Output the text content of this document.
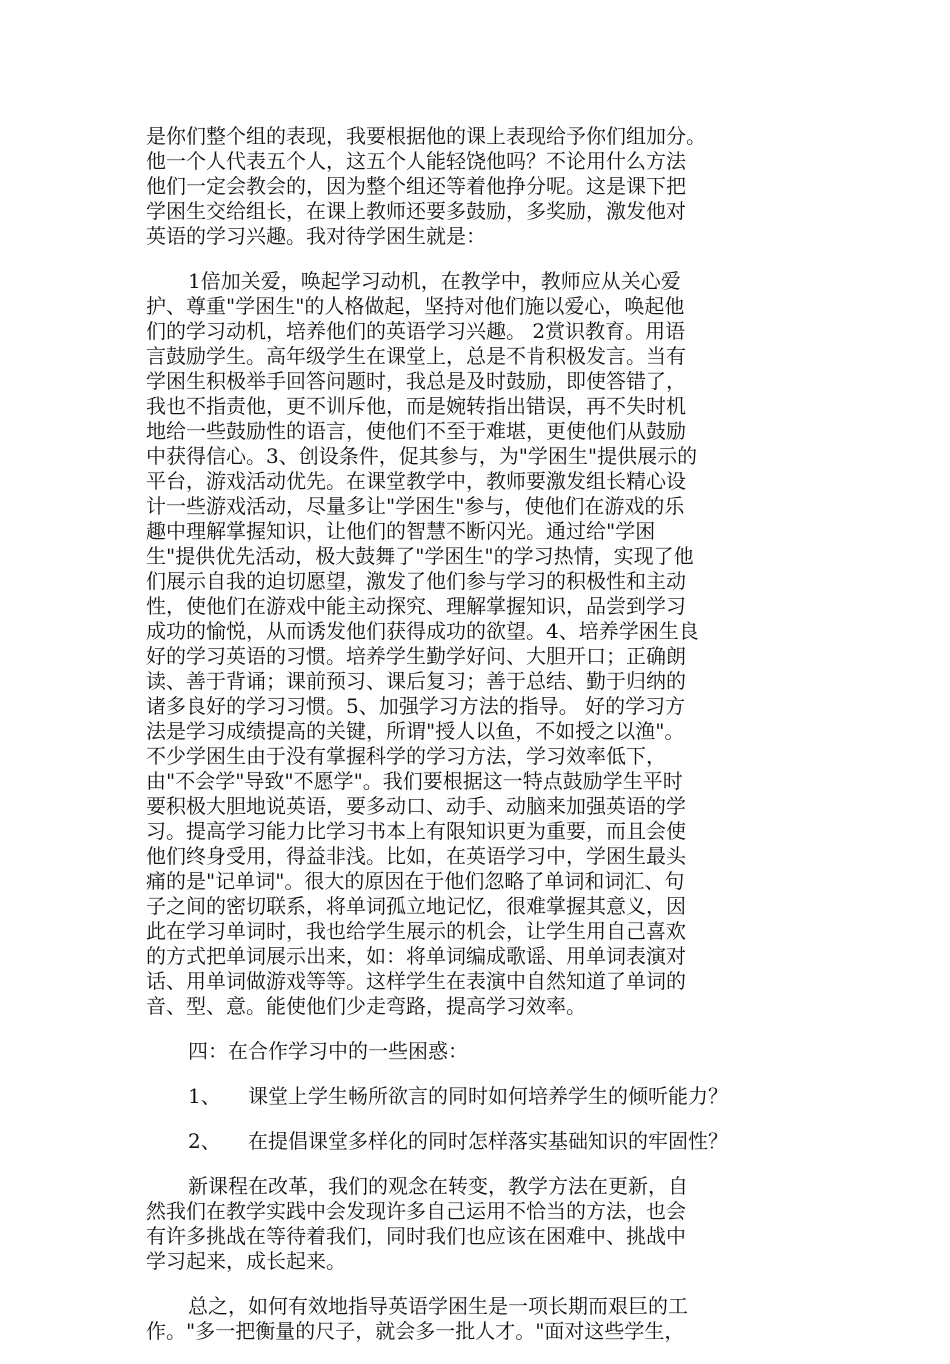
是你们整个组的表现，我要根据他的课上表现给予你们组加分。
他一个人代表五个人，这五个人能轻饶他吗？不论用什么方法
他们一定会教会的，因为整个组还等着他挣分呢。这是课下把
学困生交给组长，在课上教师还要多鼓励，多奖励，激发他对
英语的学习兴趣。我对待学困生就是：
1倍加关爱，唤起学习动机，在教学中，教师应从关心爱
护、尊重"学困生"的人格做起，坚持对他们施以爱心，唤起他
们的学习动机，培养他们的英语学习兴趣。 2赏识教育。用语
言鼓励学生。高年级学生在课堂上，总是不肯积极发言。当有
学困生积极举手回答问题时，我总是及时鼓励，即使答错了，
我也不指责他，更不训斥他，而是婉转指出错误，再不失时机
地给一些鼓励性的语言，使他们不至于难堪，更使他们从鼓励
中获得信心。3、创设条件，促其参与，为"学困生"提供展示的
平台，游戏活动优先。在课堂教学中，教师要激发组长精心设
计一些游戏活动，尽量多让"学困生"参与，使他们在游戏的乐
趣中理解掌握知识，让他们的智慧不断闪光。通过给"学困
生"提供优先活动，极大鼓舞了"学困生"的学习热情，实现了他
们展示自我的迫切愿望，激发了他们参与学习的积极性和主动
性，使他们在游戏中能主动探究、理解掌握知识，品尝到学习
成功的愉悦，从而诱发他们获得成功的欲望。4、培养学困生良
好的学习英语的习惯。培养学生勤学好问、大胆开口；正确朗
读、善于背诵；课前预习、课后复习；善于总结、勤于归纳的
诸多良好的学习习惯。5、加强学习方法的指导。 好的学习方
法是学习成绩提高的关键，所谓"授人以鱼，不如授之以渔"。
不少学困生由于没有掌握科学的学习方法，学习效率低下，
由"不会学"导致"不愿学"。我们要根据这一特点鼓励学生平时
要积极大胆地说英语，要多动口、动手、动脑来加强英语的学
习。提高学习能力比学习书本上有限知识更为重要，而且会使
他们终身受用，得益非浅。比如，在英语学习中，学困生最头
痛的是"记单词"。很大的原因在于他们忽略了单词和词汇、句
子之间的密切联系，将单词孤立地记忆，很难掌握其意义，因
此在学习单词时，我也给学生展示的机会，让学生用自己喜欢
的方式把单词展示出来，如：将单词编成歌谣、用单词表演对
话、用单词做游戏等等。这样学生在表演中自然知道了单词的
音、型、意。能使他们少走弯路，提高学习效率。
四：在合作学习中的一些困惑：
1、 课堂上学生畅所欲言的同时如何培养学生的倾听能力？
2、 在提倡课堂多样化的同时怎样落实基础知识的牢固性？
新课程在改革，我们的观念在转变，教学方法在更新，自
然我们在教学实践中会发现许多自己运用不恰当的方法，也会
有许多挑战在等待着我们，同时我们也应该在困难中、挑战中
学习起来，成长起来。
总之，如何有效地指导英语学困生是一项长期而艰巨的工
作。"多一把衡量的尺子，就会多一批人才。"面对这些学生，
